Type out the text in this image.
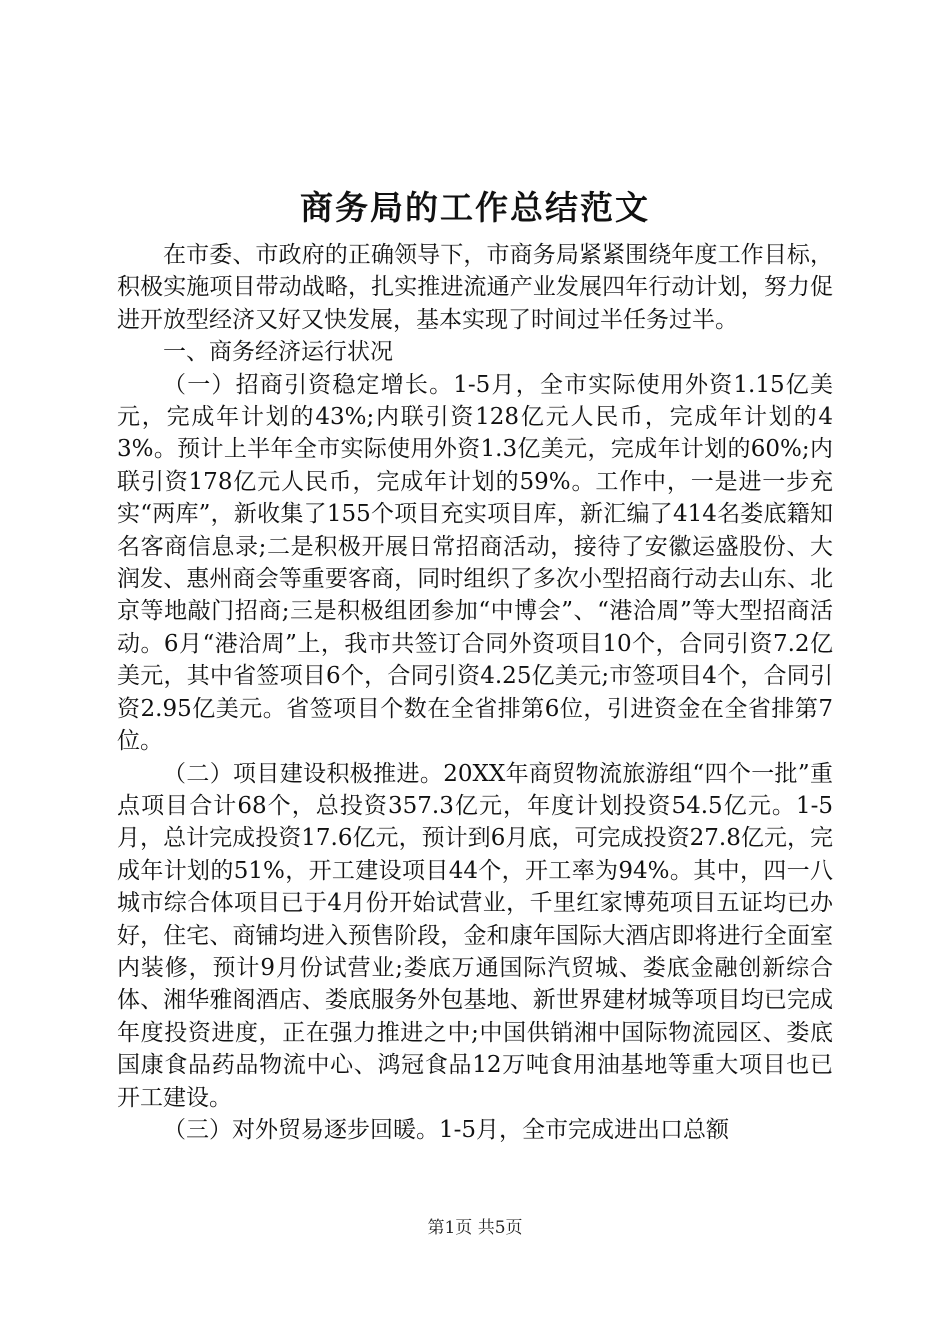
商务局的工作总结范文

在市委、市政府的正确领导下，市商务局紧紧围绕年度工作目标，积极实施项目带动战略，扎实推进流通产业发展四年行动计划，努力促进开放型经济又好又快发展，基本实现了时间过半任务过半。

一、商务经济运行状况

（一）招商引资稳定增长。1-5月，全市实际使用外资1.15亿美元，完成年计划的43%;内联引资128亿元人民币，完成年计划的43%。预计上半年全市实际使用外资1.3亿美元，完成年计划的60%;内联引资178亿元人民币，完成年计划的59%。工作中，一是进一步充实“两库”，新收集了155个项目充实项目库，新汇编了414名娄底籍知名客商信息录;二是积极开展日常招商活动，接待了安徽运盛股份、大润发、惠州商会等重要客商，同时组织了多次小型招商行动去山东、北京等地敲门招商;三是积极组团参加“中博会”、“港洽周”等大型招商活动。6月“港洽周”上，我市共签订合同外资项目10个，合同引资7.2亿美元，其中省签项目6个，合同引资4.25亿美元;市签项目4个，合同引资2.95亿美元。省签项目个数在全省排第6位，引进资金在全省排第7位。

（二）项目建设积极推进。20XX年商贸物流旅游组“四个一批”重点项目合计68个，总投资357.3亿元，年度计划投资54.5亿元。1-5月，总计完成投资17.6亿元，预计到6月底，可完成投资27.8亿元，完成年计划的51%，开工建设项目44个，开工率为94%。其中，四一八城市综合体项目已于4月份开始试营业，千里红家博苑项目五证均已办好，住宅、商铺均进入预售阶段，金和康年国际大酒店即将进行全面室内装修，预计9月份试营业;娄底万通国际汽贸城、娄底金融创新综合体、湘华雅阁酒店、娄底服务外包基地、新世界建材城等项目均已完成年度投资进度，正在强力推进之中;中国供销湘中国际物流园区、娄底国康食品药品物流中心、鸿冠食品12万吨食用油基地等重大项目也已开工建设。

（三）对外贸易逐步回暖。1-5月，全市完成进出口总额

第1页 共5页
